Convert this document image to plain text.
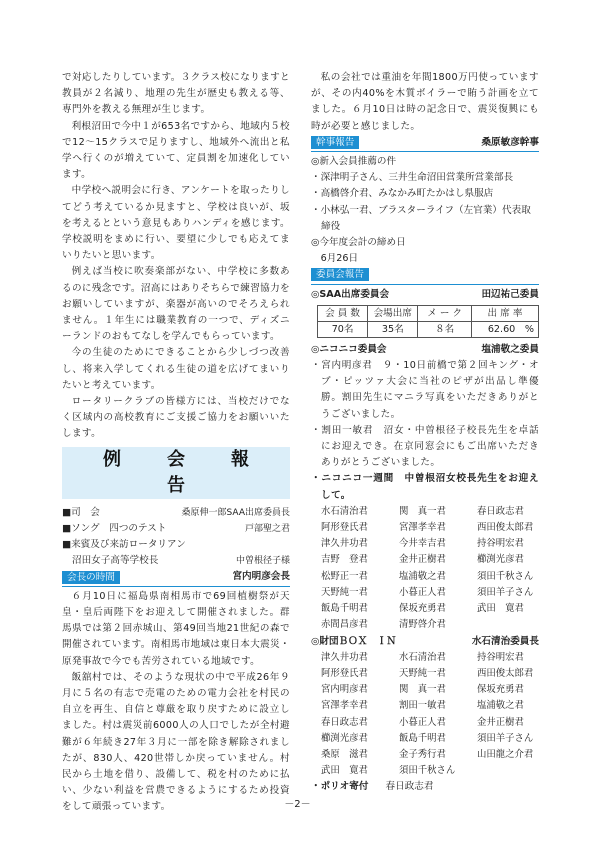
で対応したりしています。３クラス校になりますと教員が２名減り、地理の先生が歴史も教える等、専門外を教える無理が生じます。

利根沼田で今中１が653名ですから、地域内５校で12～15クラスで足りますし、地域外へ流出と私学へ行くのが増えていて、定員割を加速化しています。

中学校へ説明会に行き、アンケートを取ったりしてどう考えているか見ますと、学校は良いが、坂を考えるとという意見もありハンディを感じます。学校説明をまめに行い、要望に少しでも応えてまいりたいと思います。

例えば当校に吹奏楽部がない、中学校に多数あるのに残念です。沼高にはありそちらで練習協力をお願いしていますが、楽器が高いのでそろえられません。１年生には職業教育の一つで、ディズニーランドのおもてなしを学んでもらっています。

今の生徒のためにできることから少しづつ改善し、将来入学してくれる生徒の道を広げてまいりたいと考えています。

ロータリークラブの皆様方には、当校だけでなく区域内の高校教育にご支援ご協力をお願いいたします。

例　会　報　告
■司　会	桑原伸一郎SAA出席委員長
■ソング　四つのテスト	戸部聖之君
■来賓及び来訪ロータリアン
沼田女子高等学校長	中曽根径子様
会長の時間	宮内明彦会長

６月10日に福島県南相馬市で69回植樹祭が天皇・皇后両陛下をお迎えして開催されました。群馬県では第２回赤城山、第49回当地21世紀の森で開催されています。南相馬市地域は東日本大震災・原発事故で今でも苦労されている地域です。

飯舘村では、そのような現状の中で平成26年９月に５名の有志で売電のための電力会社を村民の自立を再生、自信と尊厳を取り戻すために設立しました。村は震災前6000人の人口でしたが全村避難が６年続き27年３月に一部を除き解除されましたが、830人、420世帯しか戻っていません。村民から土地を借り、設備して、税を村のために払い、少ない利益を営農できるようにするため投資をして頑張っています。

私の会社では重油を年間1800万円使っていますが、その内40%を木質ボイラーで賄う計画を立てました。６月10日は時の記念日で、震災復興にも時が必要と感じました。

幹事報告	桑原敏彦幹事
◎新入会員推薦の件
・深津明子さん、三井生命沼田営業所営業部長
・高橋啓介君、みなかみ町たかはし県服店
・小林弘一君、ブラスターライフ（左官業）代表取締役
◎今年度会計の締め日
　6月26日
委員会報告
◎SAA出席委員会	田辺祐己委員
会 員 数	会場出席	メ ー ク	出 席 率
70名	35名	８名	62.60　%
◎ニコニコ委員会	塩浦敬之委員

・宮内明彦君　９・10日前橋で第２回キング・オブ・ピッツァ大会に当社のピザが出品し準優勝。割田先生にマニラ写真をいただきありがとうございました。

・割田一敏君　沼女・中曽根径子校長先生を卓話にお迎えでき。在京同窓会にもご出席いただきありがとうございました。

・ニコニコ一週間　中曽根沼女校長先生をお迎えして。

水石清治君	関　真一君	春日政志君
阿形登氏君	宮澤孝幸君	西田俊太郎君
津久井功君	今井幸吉君	持谷明宏君
吉野　登君	金井正樹君	櫛渕光彦君
松野正一君	塩浦敬之君	須田千秋さん
天野純一君	小暮正人君	須田羊子さん
飯島千明君	保坂充勇君	武田　寛君
赤間昌彦君	清野啓介君
◎財団ＢＯＸ　ＩＮ	水石清治委員長
津久井功君	水石清治君	持谷明宏君
阿形登氏君	天野純一君	西田俊太郎君
宮内明彦君	関　真一君	保坂充勇君
宮澤孝幸君	割田一敏君	塩浦敬之君
春日政志君	小暮正人君	金井正樹君
櫛渕光彦君	飯島千明君	須田羊子さん
桑原　滋君	金子秀行君	山田龍之介君
武田　寛君	須田千秋さん
・ポリオ寄付 春日政志君
－2－
